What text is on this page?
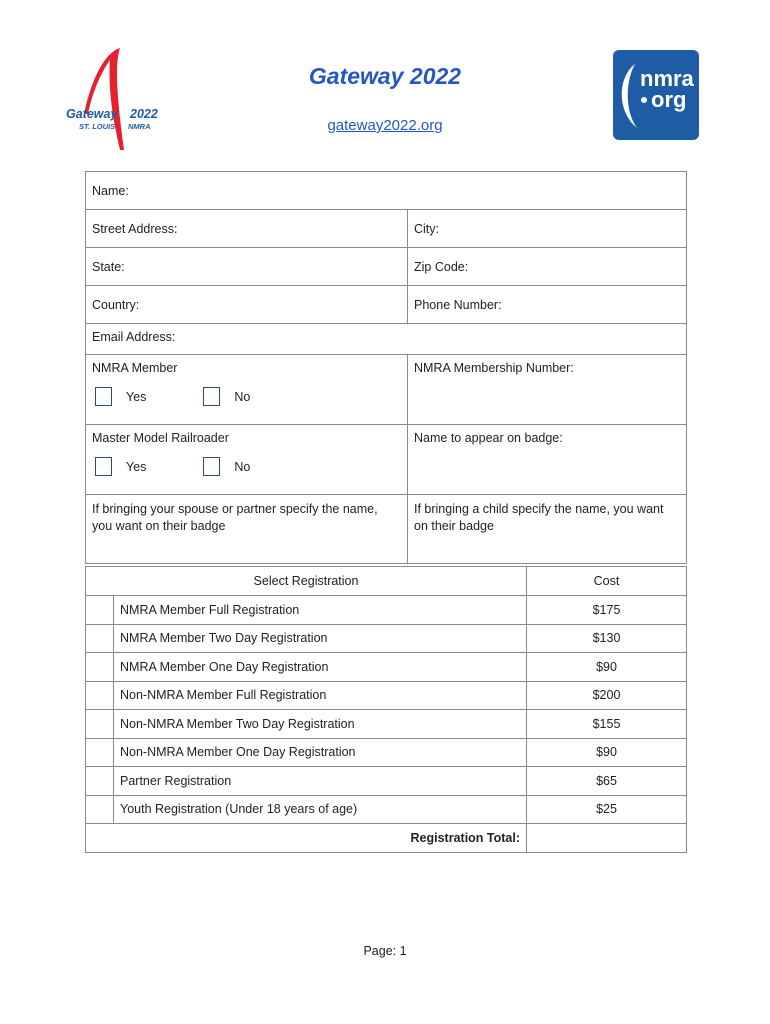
Gateway 2022
ST. LOUIS NMRA
Gateway 2022
gateway2022.org
nmra
org
Name:	
Street Address:	City:
State:	Zip Code:
Country:	Phone Number:
Email Address:	

NMRA Member
Yes No	NMRA Membership Number:

Master Model Railroader
Yes No	Name to appear on badge:
If bringing your spouse or partner specify the name, you want on their badge	If bringing a child specify the name, you want on their badge
Select Registration		Cost
	NMRA Member Full Registration	$175
	NMRA Member Two Day Registration	$130
	NMRA Member One Day Registration	$90
	Non-NMRA Member Full Registration	$200
	Non-NMRA Member Two Day Registration	$155
	Non-NMRA Member One Day Registration	$90
	Partner Registration	$65
	Youth Registration (Under 18 years of age)	$25
Registration Total:		
Page: 1
